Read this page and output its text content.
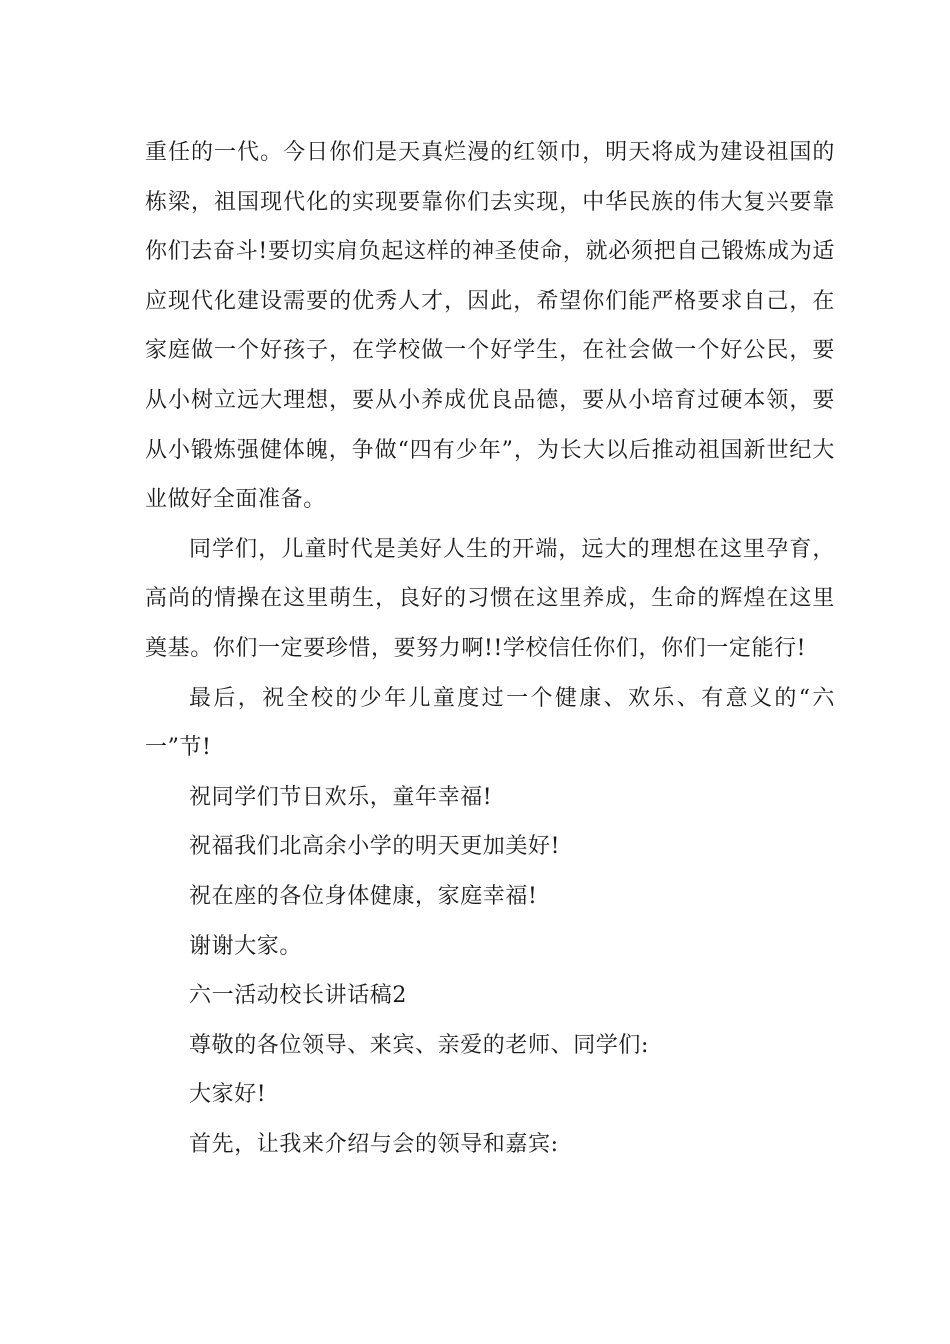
重任的一代。今日你们是天真烂漫的红领巾，明天将成为建设祖国的栋梁，祖国现代化的实现要靠你们去实现，中华民族的伟大复兴要靠你们去奋斗!要切实肩负起这样的神圣使命，就必须把自己锻炼成为适应现代化建设需要的优秀人才，因此，希望你们能严格要求自己，在家庭做一个好孩子，在学校做一个好学生，在社会做一个好公民，要从小树立远大理想，要从小养成优良品德，要从小培育过硬本领，要从小锻炼强健体魄，争做“四有少年”，为长大以后推动祖国新世纪大业做好全面准备。

同学们，儿童时代是美好人生的开端，远大的理想在这里孕育，高尚的情操在这里萌生，良好的习惯在这里养成，生命的辉煌在这里奠基。你们一定要珍惜，要努力啊!!学校信任你们，你们一定能行!

最后，祝全校的少年儿童度过一个健康、欢乐、有意义的“六一”节!

祝同学们节日欢乐，童年幸福!

祝福我们北高余小学的明天更加美好!

祝在座的各位身体健康，家庭幸福!

谢谢大家。

六一活动校长讲话稿2

尊敬的各位领导、来宾、亲爱的老师、同学们:

大家好!

首先，让我来介绍与会的领导和嘉宾:
